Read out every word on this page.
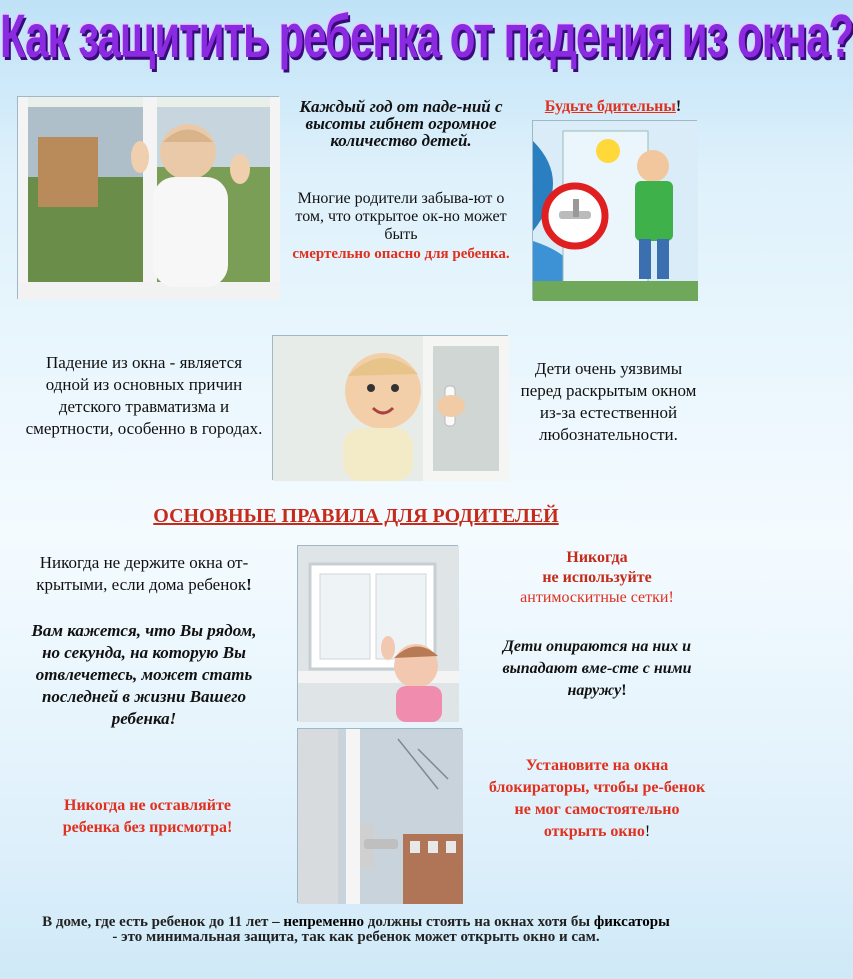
Как защитить ребенка от падения из окна?
Каждый год от паде-ний с высоты гибнет огромное количество детей.
Многие родители забыва-ют о том, что открытое ок-но может быть
смертельно опасно для ребенка.
Будьте бдительны!
Падение из окна - является одной из основных причин детского травматизма и смертности, особенно в городах.
Дети очень уязвимы перед раскрытым окном из-за естественной любознательности.
ОСНОВНЫЕ ПРАВИЛА ДЛЯ РОДИТЕЛЕЙ
Никогда не держите окна от-крытыми, если дома ребенок!
Вам кажется, что Вы рядом, но секунда, на которую Вы отвлечетесь, может стать последней в жизни Вашего ребенка!
Никогда не оставляйте ребенка без присмотра!
Никогда
не используйте
антимоскитные сетки!
Дети опираются на них и выпадают вме-сте с ними наружу!
Установите на окна блокираторы, чтобы ре-бенок не мог самостоятельно открыть окно!
В доме, где есть ребенок до 11 лет – непременно должны стоять на окнах хотя бы фиксаторы - это минимальная защита, так как ребенок может открыть окно и сам.
